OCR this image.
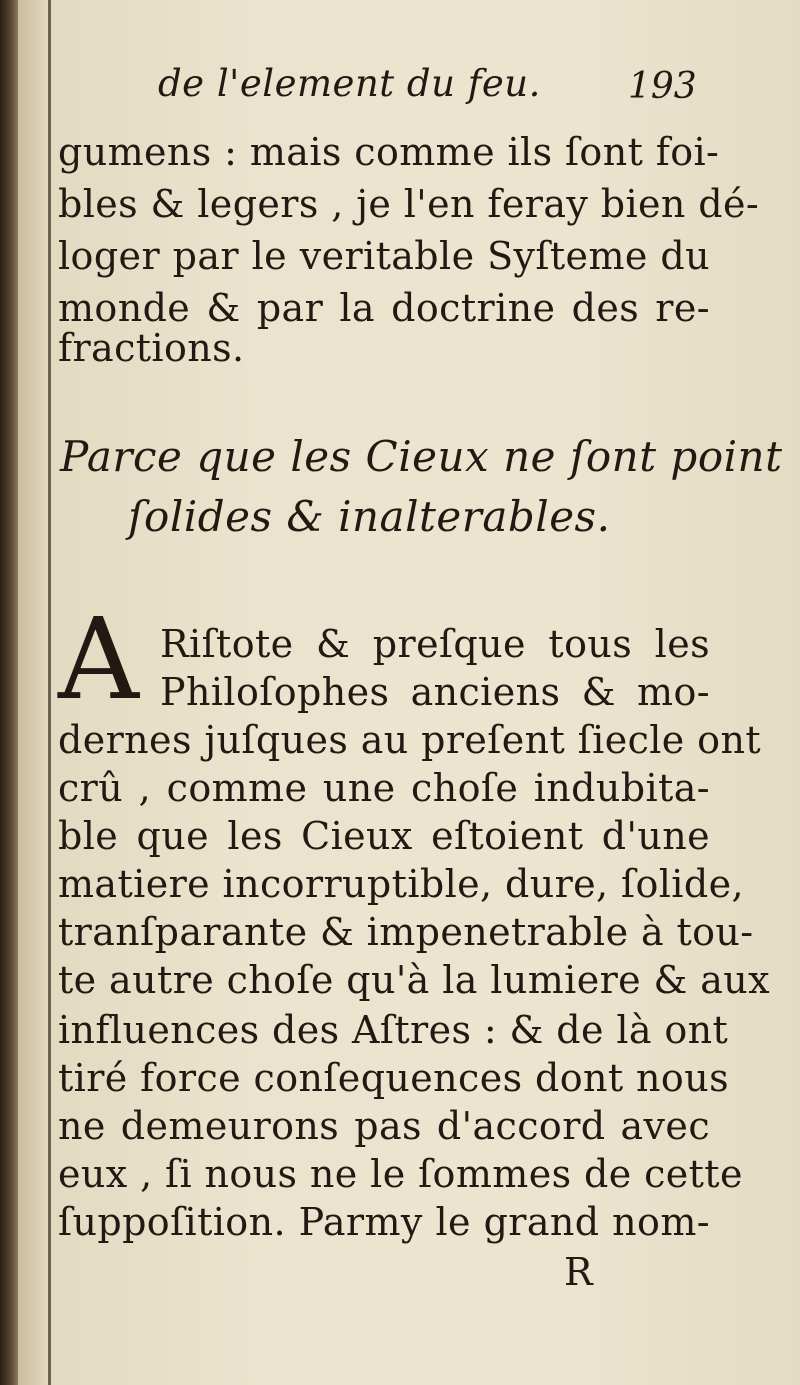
de l'element du feu. 193
gumens : mais comme ils ſont foi-
bles & legers , je l'en feray bien dé-
loger par le veritable Syſteme du
monde & par la doctrine des re-
fractions.
Parce que les Cieux ne ſont point
ſolides & inalterables.
A Riſtote & preſque tous les
Philoſophes anciens & mo-
dernes juſques au preſent ſiecle ont
crû , comme une choſe indubita-
ble que les Cieux eſtoient d'une
matiere incorruptible, dure, ſolide,
tranſparante & impenetrable à tou-
te autre choſe qu'à la lumiere & aux
influences des Aſtres : & de là ont
tiré force conſequences dont nous
ne demeurons pas d'accord avec
eux , ſi nous ne le ſommes de cette
ſuppoſition. Parmy le grand nom-
R
